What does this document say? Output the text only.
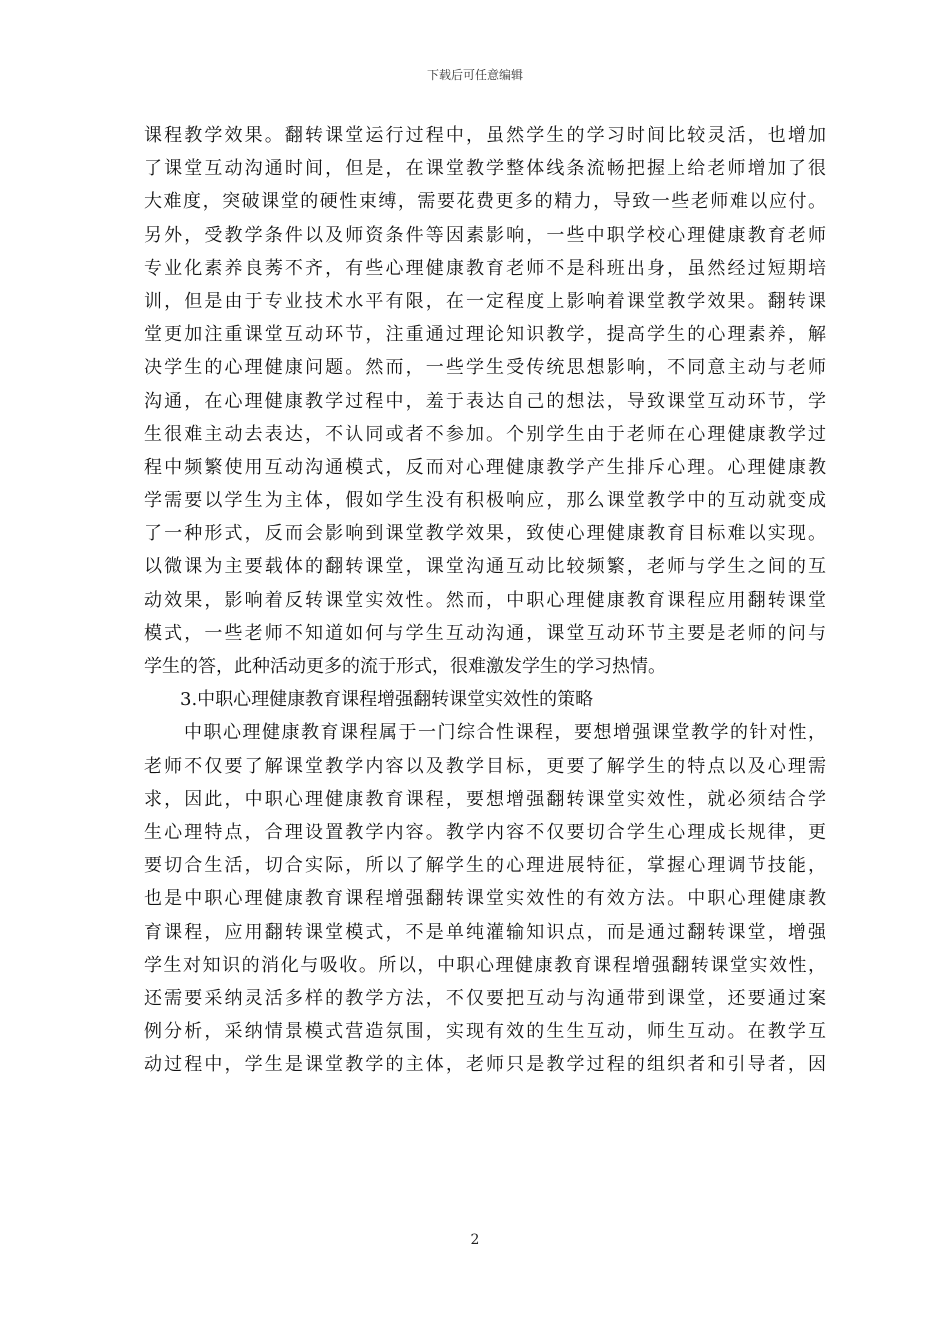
下载后可任意编辑
课程教学效果。翻转课堂运行过程中，虽然学生的学习时间比较灵活，也增加
了课堂互动沟通时间，但是，在课堂教学整体线条流畅把握上给老师增加了很
大难度，突破课堂的硬性束缚，需要花费更多的精力，导致一些老师难以应付。
另外，受教学条件以及师资条件等因素影响，一些中职学校心理健康教育老师
专业化素养良莠不齐，有些心理健康教育老师不是科班出身，虽然经过短期培
训，但是由于专业技术水平有限，在一定程度上影响着课堂教学效果。翻转课
堂更加注重课堂互动环节，注重通过理论知识教学，提高学生的心理素养，解
决学生的心理健康问题。然而，一些学生受传统思想影响，不同意主动与老师
沟通，在心理健康教学过程中，羞于表达自己的想法，导致课堂互动环节，学
生很难主动去表达，不认同或者不参加。个别学生由于老师在心理健康教学过
程中频繁使用互动沟通模式，反而对心理健康教学产生排斥心理。心理健康教
学需要以学生为主体，假如学生没有积极响应，那么课堂教学中的互动就变成
了一种形式，反而会影响到课堂教学效果，致使心理健康教育目标难以实现。
以微课为主要载体的翻转课堂，课堂沟通互动比较频繁，老师与学生之间的互
动效果，影响着反转课堂实效性。然而，中职心理健康教育课程应用翻转课堂
模式，一些老师不知道如何与学生互动沟通，课堂互动环节主要是老师的问与
学生的答，此种活动更多的流于形式，很难激发学生的学习热情。
3.中职心理健康教育课程增强翻转课堂实效性的策略
中职心理健康教育课程属于一门综合性课程，要想增强课堂教学的针对性，
老师不仅要了解课堂教学内容以及教学目标，更要了解学生的特点以及心理需
求，因此，中职心理健康教育课程，要想增强翻转课堂实效性，就必须结合学
生心理特点，合理设置教学内容。教学内容不仅要切合学生心理成长规律，更
要切合生活，切合实际，所以了解学生的心理进展特征，掌握心理调节技能，
也是中职心理健康教育课程增强翻转课堂实效性的有效方法。中职心理健康教
育课程，应用翻转课堂模式，不是单纯灌输知识点，而是通过翻转课堂，增强
学生对知识的消化与吸收。所以，中职心理健康教育课程增强翻转课堂实效性，
还需要采纳灵活多样的教学方法，不仅要把互动与沟通带到课堂，还要通过案
例分析，采纳情景模式营造氛围，实现有效的生生互动，师生互动。在教学互
动过程中，学生是课堂教学的主体，老师只是教学过程的组织者和引导者，因
2
